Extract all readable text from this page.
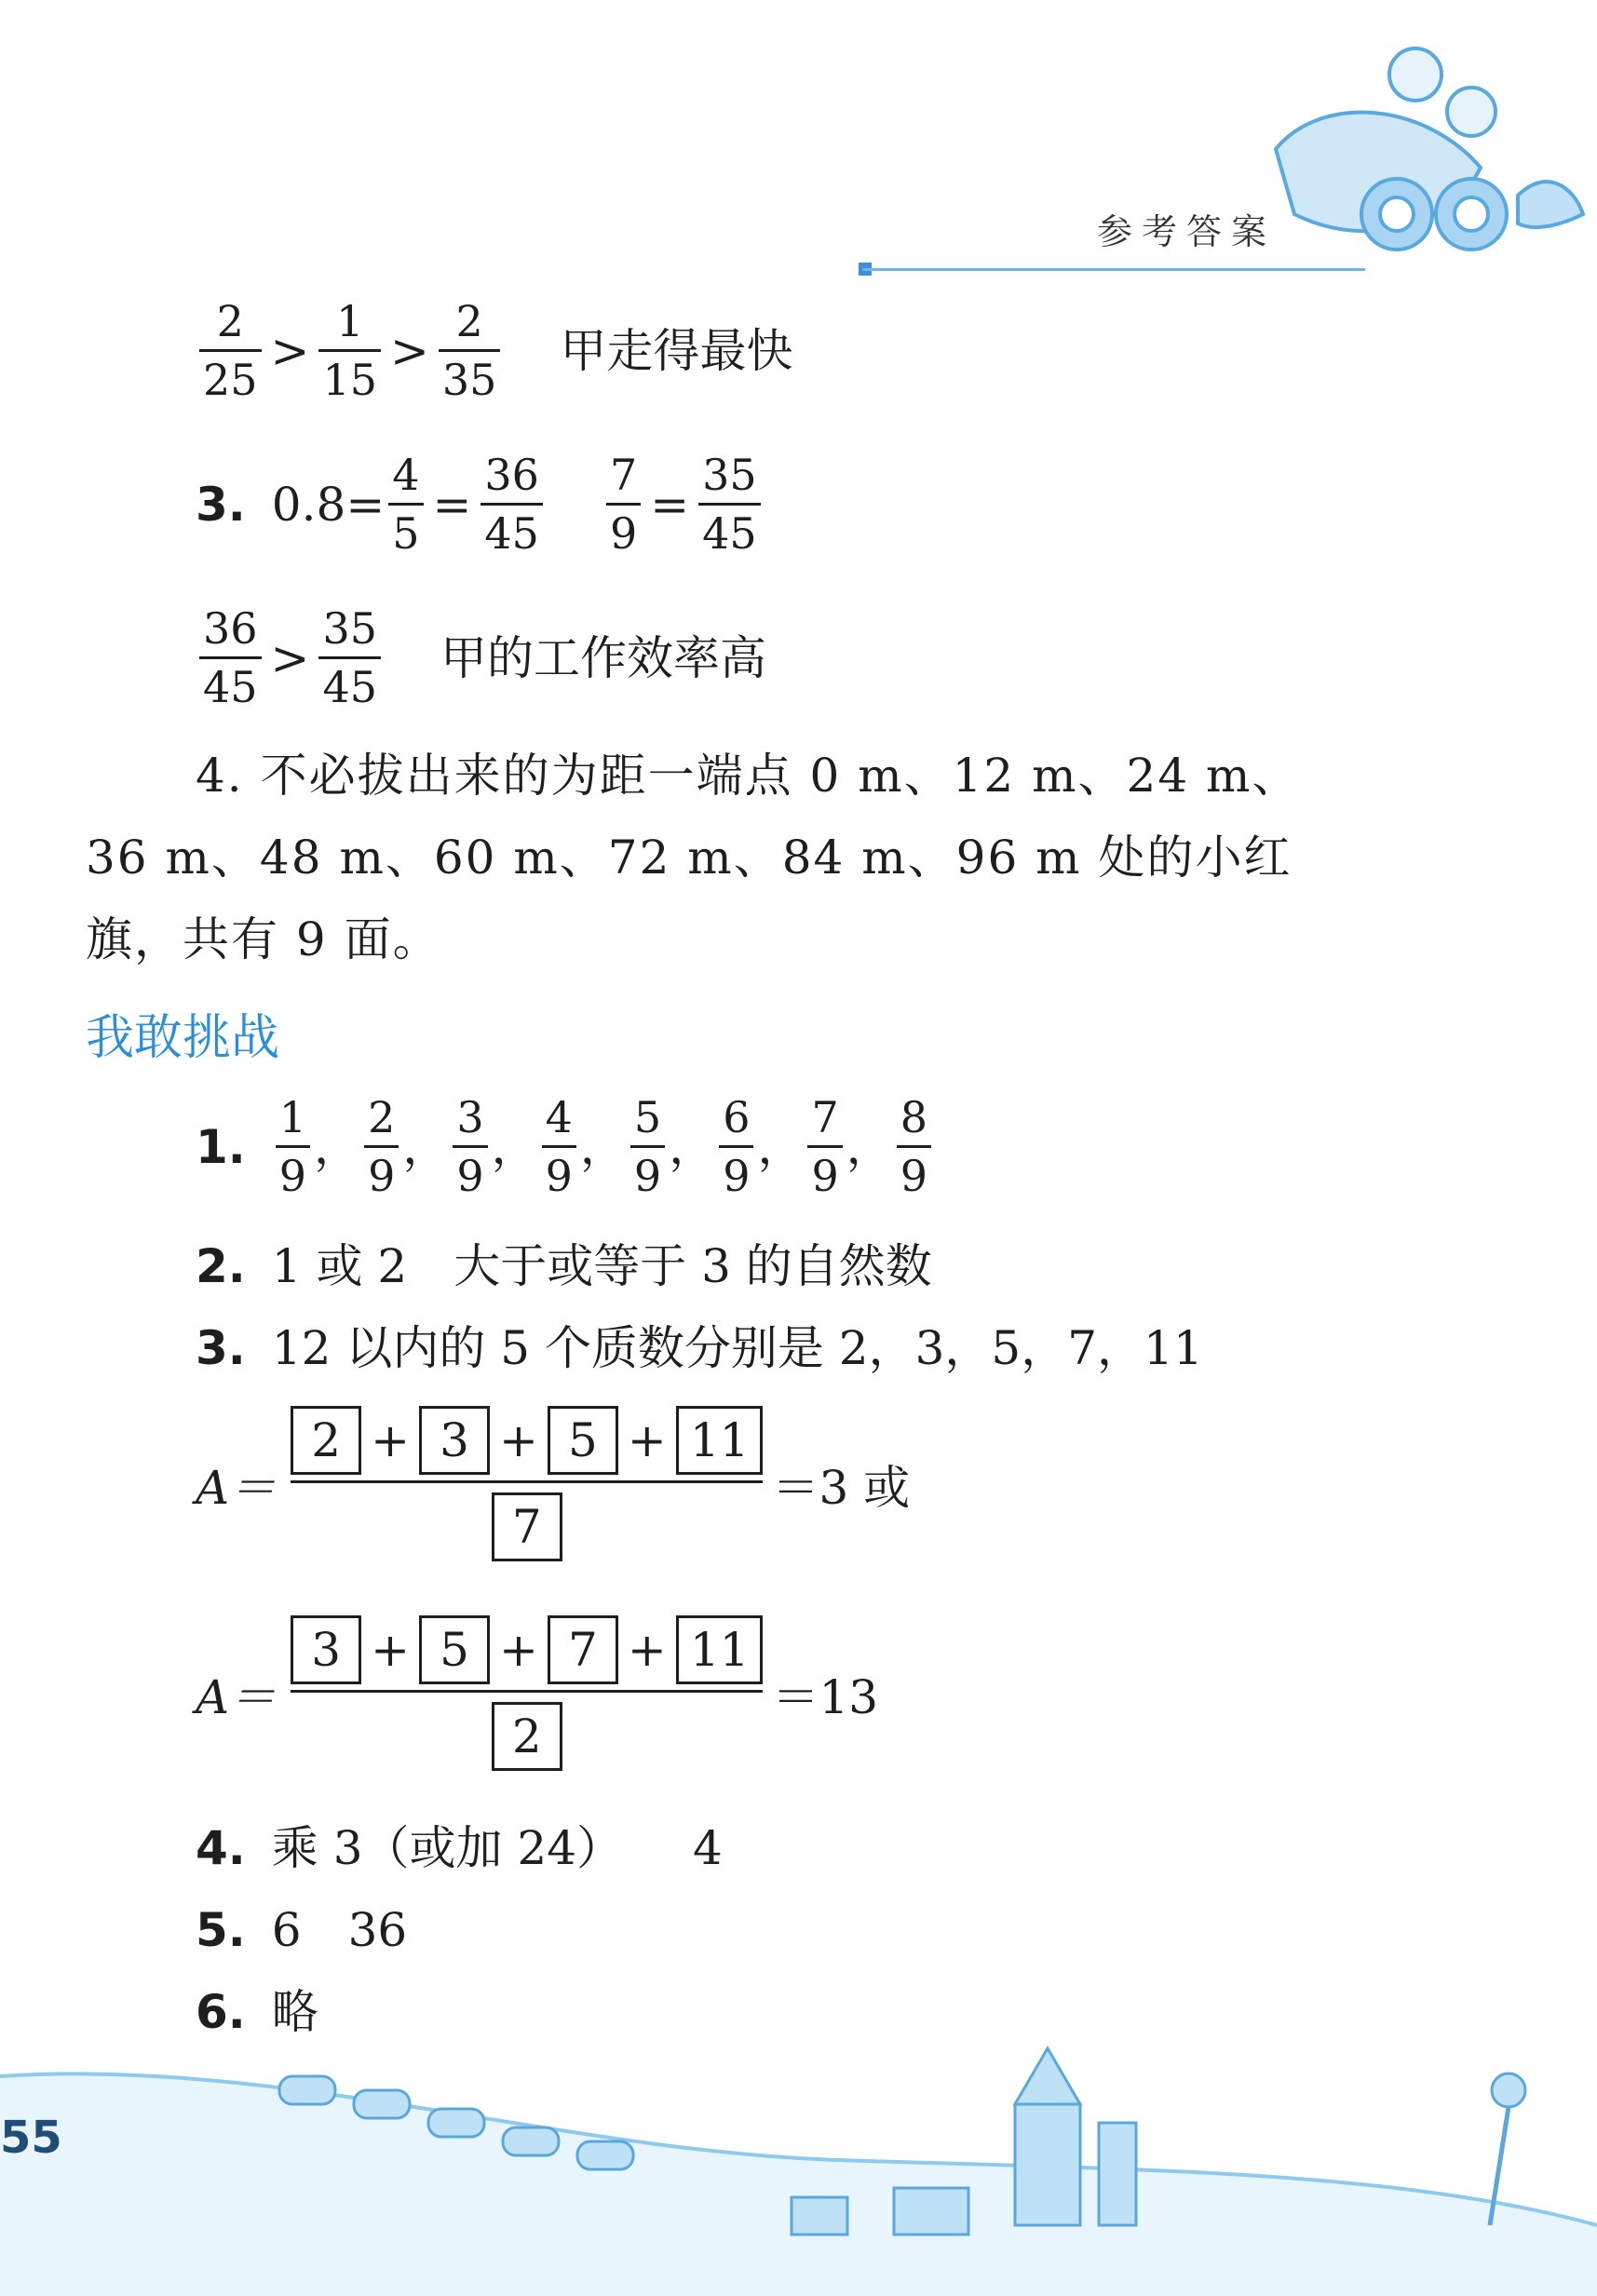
参考答案
$\frac{2}{25} > \frac{1}{15} > \frac{2}{35}$ 甲走得最快
3. $0.8= \frac{4}{5} = \frac{36}{45} \frac{7}{9} = \frac{35}{45}$
$\frac{36}{45} > \frac{35}{45}$ 甲的工作效率高
4. 不必拔出来的为距一端点 0 m、12 m、24 m、
36 m、48 m、60 m、72 m、84 m、96 m 处的小红
旗，共有 9 面。
我敢挑战
1. $\frac{1}{9}$ ， $\frac{2}{9}$ ， $\frac{3}{9}$ ， $\frac{4}{9}$ ， $\frac{5}{9}$ ， $\frac{6}{9}$ ， $\frac{7}{9}$ ， $\frac{8}{9}$
2. 1 或 2　大于或等于 3 的自然数
3. 12 以内的 5 个质数分别是 2，3，5，7，11
$A= \frac{2 + 3 + 5 + 11}{7} =3$ 或
$A= \frac{3 + 5 + 7 + 11}{2} =13$
4. 乘 3（或加 24）　　4
5. 6　36
6. 略
55
